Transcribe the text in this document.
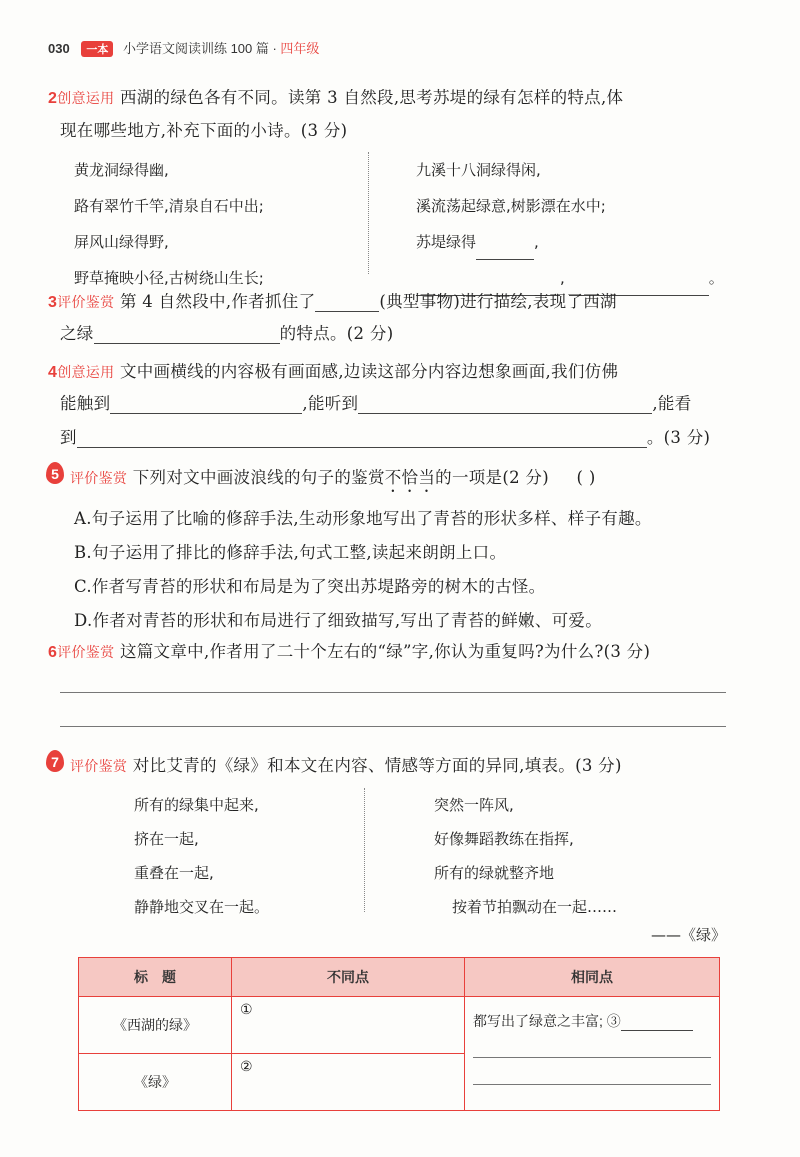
030 一本 小学语文阅读训练 100 篇 · 四年级
2创意运用 西湖的绿色各有不同。读第 3 自然段,思考苏堤的绿有怎样的特点,体
现在哪些地方,补充下面的小诗。(3 分)
黄龙洞绿得幽,
路有翠竹千竿,清泉自石中出;
屏风山绿得野,
野草掩映小径,古树绕山生长;
九溪十八洞绿得闲,
溪流荡起绿意,树影漂在水中;
苏堤绿得	,
,	。
3评价鉴赏 第 4 自然段中,作者抓住了	(典型事物)进行描绘,表现了西湖
之绿	的特点。(2 分)
4创意运用 文中画横线的内容极有画面感,边读这部分内容边想象画面,我们仿佛
能触到	,能听到	,能看
到	。(3 分)
5 评价鉴赏 下列对文中画波浪线的句子的鉴赏不恰当的一项是(2 分) ( )
A.句子运用了比喻的修辞手法,生动形象地写出了青苔的形状多样、样子有趣。
B.句子运用了排比的修辞手法,句式工整,读起来朗朗上口。
C.作者写青苔的形状和布局是为了突出苏堤路旁的树木的古怪。
D.作者对青苔的形状和布局进行了细致描写,写出了青苔的鲜嫩、可爱。
6评价鉴赏 这篇文章中,作者用了二十个左右的“绿”字,你认为重复吗?为什么?(3 分)
7 评价鉴赏 对比艾青的《绿》和本文在内容、情感等方面的异同,填表。(3 分)
所有的绿集中起来,
挤在一起,
重叠在一起,
静静地交叉在一起。
突然一阵风,
好像舞蹈教练在指挥,
所有的绿就整齐地
按着节拍飘动在一起……
——《绿》
标　题	不同点	相同点
《西湖的绿》	①	都写出了绿意之丰富; ③

《绿》	②	
